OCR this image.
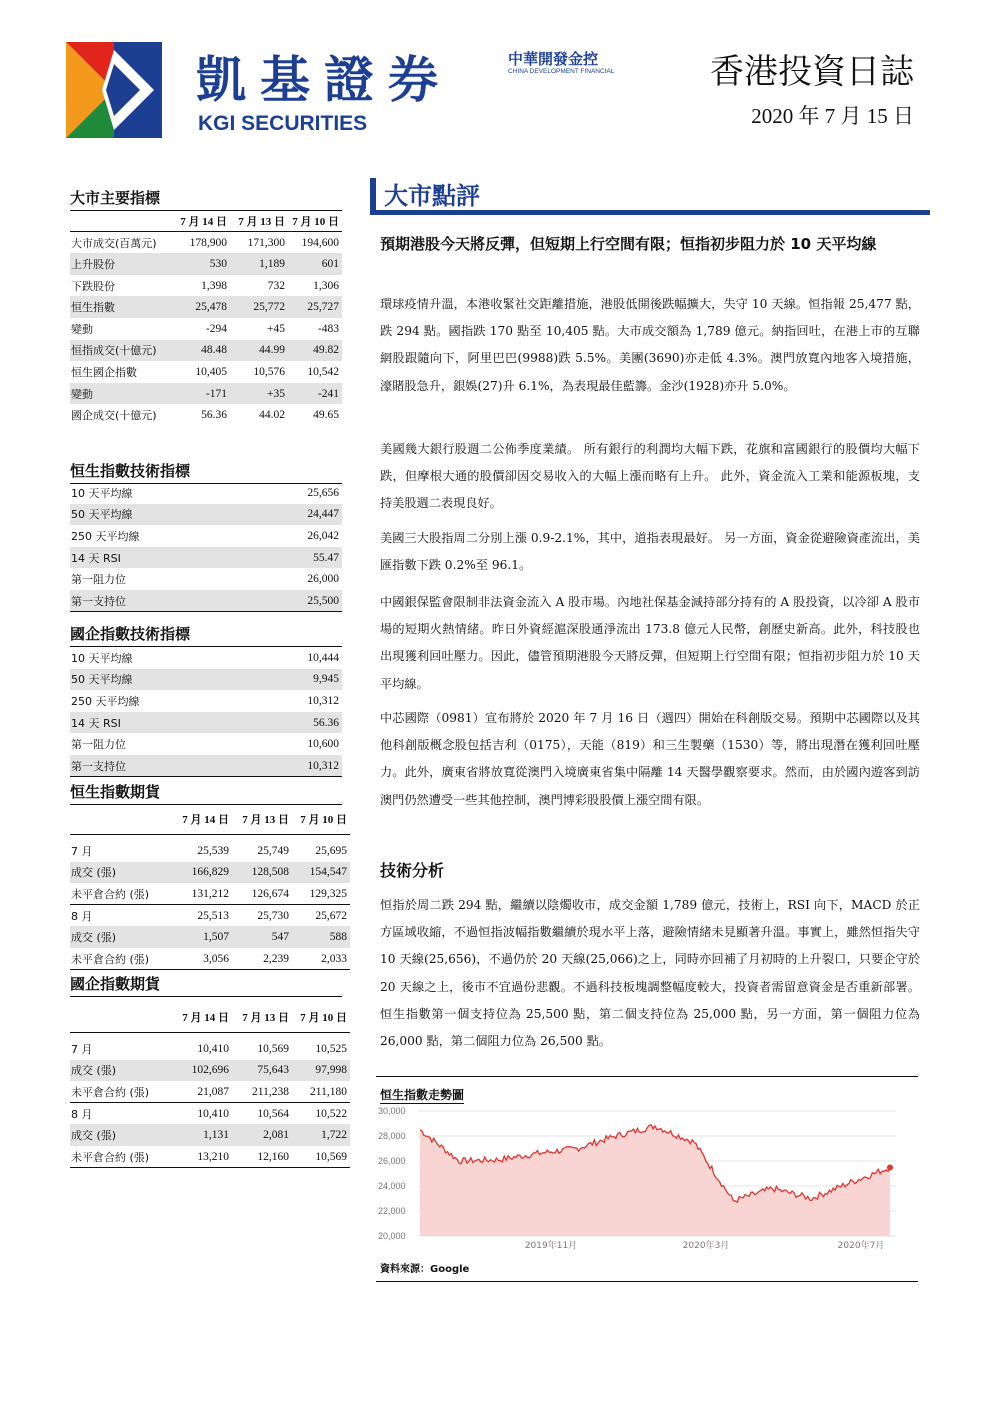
凱基證券
KGI SECURITIES
中華開發金控
CHINA DEVELOPMENT FINANCIAL	香港投資日誌
2020 年 7 月 15 日
大市主要指標
	7 月 14 日	7 月 13 日	7 月 10 日
大市成交(百萬元)	178,900	171,300	194,600
上升股份	530	1,189	601
下跌股份	1,398	732	1,306
恒生指數	25,478	25,772	25,727
變動	-294	+45	-483
恒指成交(十億元)	48.48	44.99	49.82
恒生國企指數	10,405	10,576	10,542
變動	-171	+35	-241
國企成交(十億元)	56.36	44.02	49.65
恒生指數技術指標
10 天平均線	25,656
50 天平均線	24,447
250 天平均線	26,042
14 天 RSI	55.47
第一阻力位	26,000
第一支持位	25,500
國企指數技術指標
10 天平均線	10,444
50 天平均線	9,945
250 天平均線	10,312
14 天 RSI	56.36
第一阻力位	10,600
第一支持位	10,312
恒生指數期貨
	7 月 14 日	7 月 13 日	7 月 10 日

7 月	25,539	25,749	25,695
成交 (張)	166,829	128,508	154,547
未平倉合約 (張)	131,212	126,674	129,325
8 月	25,513	25,730	25,672
成交 (張)	1,507	547	588
未平倉合約 (張)	3,056	2,239	2,033
國企指數期貨
	7 月 14 日	7 月 13 日	7 月 10 日

7 月	10,410	10,569	10,525
成交 (張)	102,696	75,643	97,998
未平倉合約 (張)	21,087	211,238	211,180
8 月	10,410	10,564	10,522
成交 (張)	1,131	2,081	1,722
未平倉合約 (張)	13,210	12,160	10,569
大市點評
預期港股今天將反彈，但短期上行空間有限；恒指初步阻力於 10 天平均線

環球疫情升溫，本港收緊社交距離措施，港股低開後跌幅擴大，失守 10 天線。恒指報 25,477 點，跌 294 點。國指跌 170 點至 10,405 點。大市成交額為 1,789 億元。納指回吐，在港上市的互聯網股跟隨向下，阿里巴巴(9988)跌 5.5%。美團(3690)亦走低 4.3%。澳門放寬內地客入境措施，濠賭股急升，銀娛(27)升 6.1%，為表現最佳藍籌。金沙(1928)亦升 5.0%。

美國幾大銀行股週二公佈季度業績。 所有銀行的利潤均大幅下跌，花旗和富國銀行的股價均大幅下跌，但摩根大通的股價卻因交易收入的大幅上漲而略有上升。 此外，資金流入工業和能源板塊，支持美股週二表現良好。

美國三大股指周二分別上漲 0.9-2.1%，其中，道指表現最好。 另一方面，資金從避險資產流出，美匯指數下跌 0.2%至 96.1。

中國銀保監會限制非法資金流入 A 股市場。內地社保基金減持部分持有的 A 股投資，以冷卻 A 股市場的短期火熱情緒。昨日外資經滬深股通淨流出 173.8 億元人民幣，創歷史新高。此外，科技股也出現獲利回吐壓力。因此，儘管預期港股今天將反彈，但短期上行空間有限；恒指初步阻力於 10 天平均線。

中芯國際（0981）宣布將於 2020 年 7 月 16 日（週四）開始在科創版交易。預期中芯國際以及其他科創版概念股包括吉利（0175），天能（819）和三生製藥（1530）等，將出現潛在獲利回吐壓力。此外，廣東省將放寬從澳門入境廣東省集中隔離 14 天醫學觀察要求。然而，由於國內遊客到訪澳門仍然遭受一些其他控制，澳門博彩股股價上漲空間有限。

技術分析

恒指於周二跌 294 點，繼續以陰燭收市，成交金額 1,789 億元，技術上，RSI 向下，MACD 於正方區域收縮，不過恒指波幅指數繼續於現水平上落，避險情緒未見顯著升溫。事實上，雖然恒指失守 10 天線(25,656)，不過仍於 20 天線(25,066)之上，同時亦回補了月初時的上升裂口，只要企守於 20 天線之上，後市不宜過份悲觀。不過科技板塊調整幅度較大，投資者需留意資金是否重新部署。恒生指數第一個支持位為 25,500 點，第二個支持位為 25,000 點，另一方面，第一個阻力位為 26,000 點，第二個阻力位為 26,500 點。

恒生指數走勢圖
30,000
28,000
26,000
24,000
22,000
20,000
2019年11月	2020年3月	2020年7月
資料來源：Google
